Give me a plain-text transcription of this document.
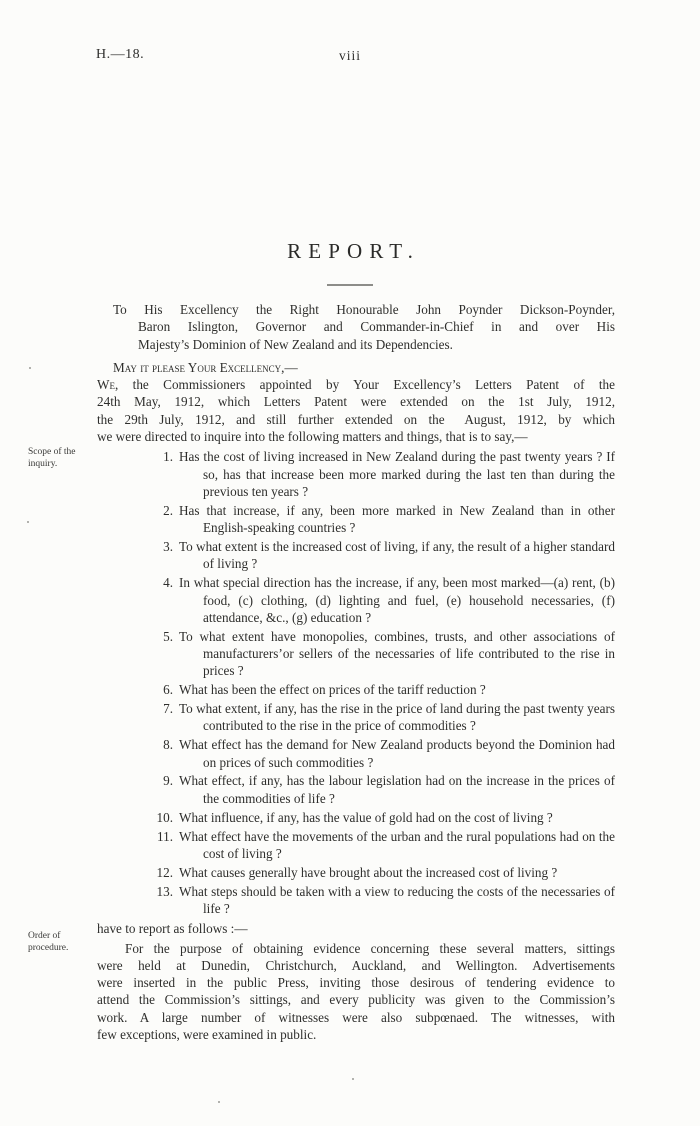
H.—18.	viii
REPORT.
Scope of the inquiry.
Order of procedure.
To His Excellency the Right Honourable John Poynder Dickson-Poynder,
Baron Islington, Governor and Commander-in-Chief in and over His
Majesty’s Dominion of New Zealand and its Dependencies.
May it please Your Excellency,—
We, the Commissioners appointed by Your Excellency’s Letters Patent of the
24th May, 1912, which Letters Patent were extended on the 1st July, 1912,
the 29th July, 1912, and still further extended on the  August, 1912, by which
we were directed to inquire into the following matters and things, that is to say,—
1. Has the cost of living increased in New Zealand during the past twenty years ? If so, has that increase been more marked during the last ten than during the previous ten years ?
2. Has that increase, if any, been more marked in New Zealand than in other English-speaking countries ?
3. To what extent is the increased cost of living, if any, the result of a higher standard of living ?
4. In what special direction has the increase, if any, been most marked—(a) rent, (b) food, (c) clothing, (d) lighting and fuel, (e) household necessaries, (f) attendance, &c., (g) education ?
5. To what extent have monopolies, combines, trusts, and other associations of manufacturers’or sellers of the necessaries of life contributed to the rise in prices ?
6. What has been the effect on prices of the tariff reduction ?
7. To what extent, if any, has the rise in the price of land during the past twenty years contributed to the rise in the price of commodities ?
8. What effect has the demand for New Zealand products beyond the Dominion had on prices of such commodities ?
9. What effect, if any, has the labour legislation had on the increase in the prices of the commodities of life ?
10. What influence, if any, has the value of gold had on the cost of living ?
11. What effect have the movements of the urban and the rural populations had on the cost of living ?
12. What causes generally have brought about the increased cost of living ?
13. What steps should be taken with a view to reducing the costs of the necessaries of life ?
have to report as follows :—
For the purpose of obtaining evidence concerning these several matters, sittings
were held at Dunedin, Christchurch, Auckland, and Wellington. Advertisements
were inserted in the public Press, inviting those desirous of tendering evidence to
attend the Commission’s sittings, and every publicity was given to the Commission’s
work. A large number of witnesses were also subpœnaed. The witnesses, with
few exceptions, were examined in public.
